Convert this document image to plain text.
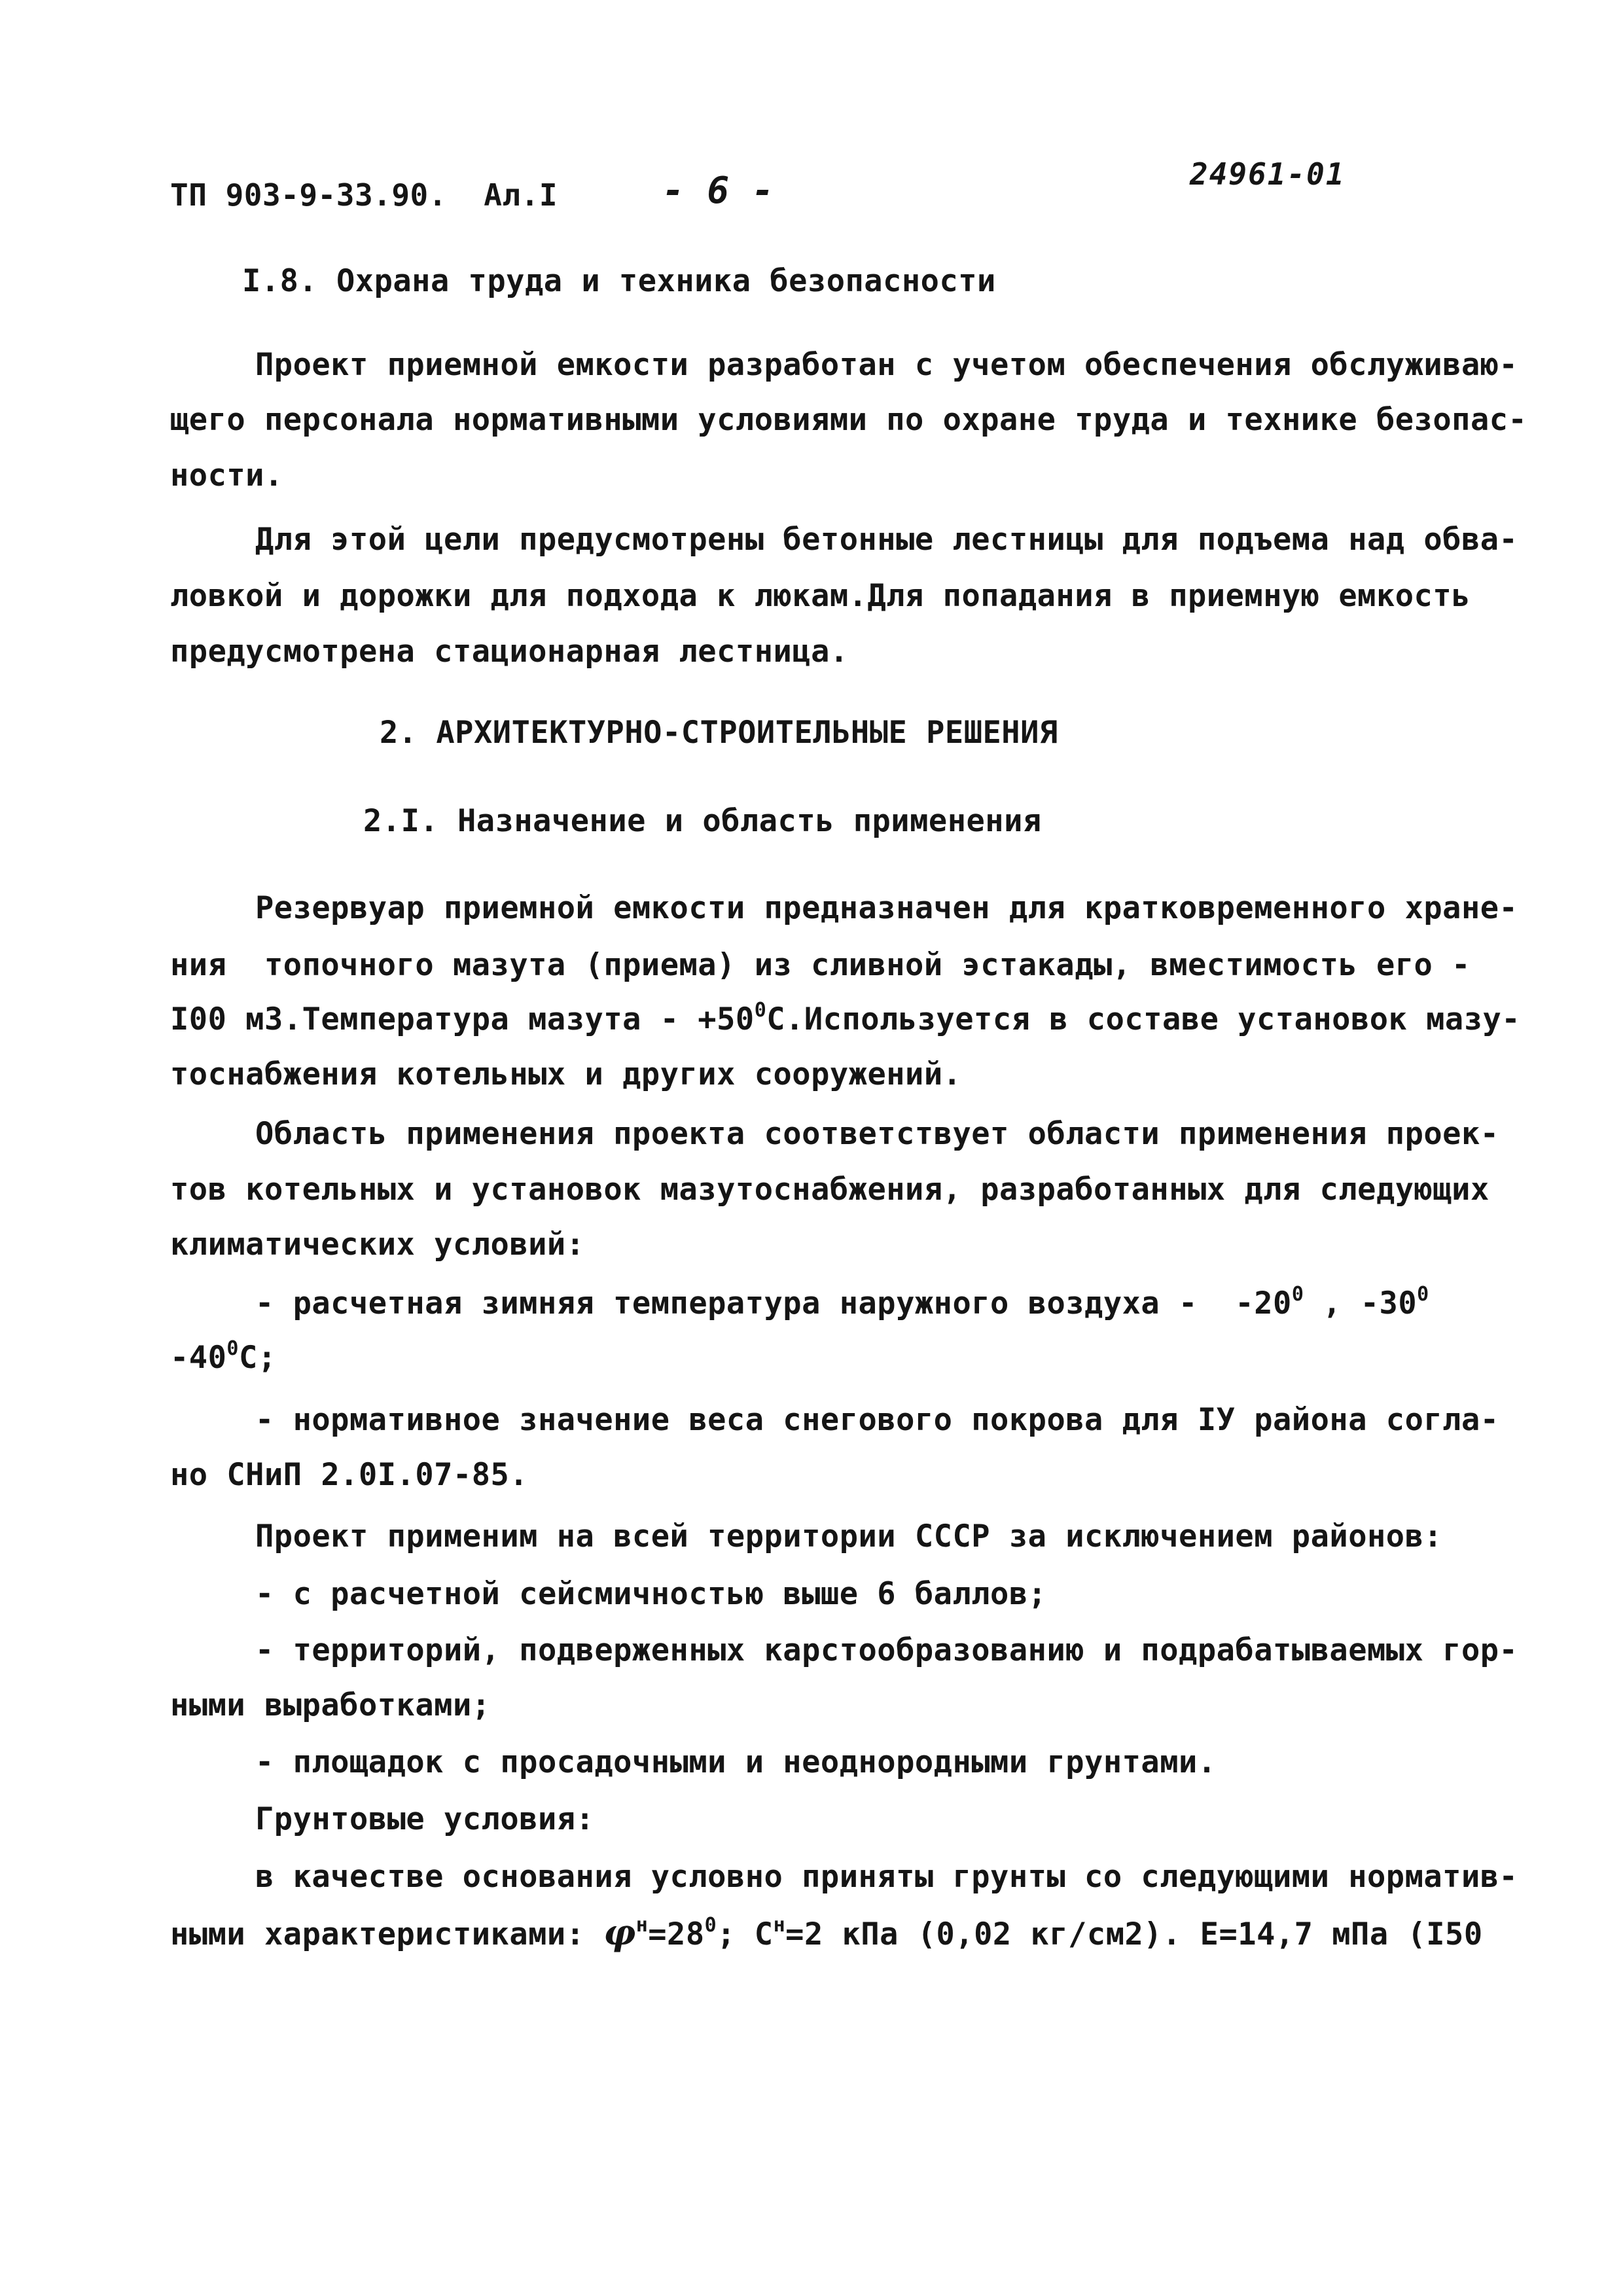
ТП 903-9-33.90.  Ал.I	- 6 -	24961-01
I.8. Охрана труда и техника безопасности
Проект приемной емкости разработан с учетом обеспечения обслуживаю-
щего персонала нормативными условиями по охране труда и технике безопас-
ности.
Для этой цели предусмотрены бетонные лестницы для подъема над обва-
ловкой и дорожки для подхода к люкам.Для попадания в приемную емкость
предусмотрена стационарная лестница.
2. АРХИТЕКТУРНО-СТРОИТЕЛЬНЫЕ РЕШЕНИЯ
2.I. Назначение и область применения
Резервуар приемной емкости предназначен для кратковременного хране-
ния  топочного мазута (приема) из сливной эстакады, вместимость его -
I00 м3.Температура мазута - $+50^0С.Используется$ в составе установок мазу-
тоснабжения котельных и других сооружений.
Область применения проекта соответствует области применения проек-
тов котельных и установок мазутоснабжения, разработанных для следующих
климатических условий:
- расчетная зимняя температура наружного воздуха -  $-20^0$ , $-30^0$
$-40^0С$;
- нормативное значение веса снегового покрова для IУ района согла-
но СНиП 2.0I.07-85.
Проект применим на всей территории СССР за исключением районов:
- с расчетной сейсмичностью выше 6 баллов;
- территорий, подверженных карстообразованию и подрабатываемых гор-
ными выработками;
- площадок с просадочными и неоднородными грунтами.
Грунтовые условия:
в качестве основания условно приняты грунты со следующими норматив-
ными характеристиками: $\varphi^н=28^0$; $С^н=2$ кПа (0,02 кг/см2). Е=14,7 мПа (I50
